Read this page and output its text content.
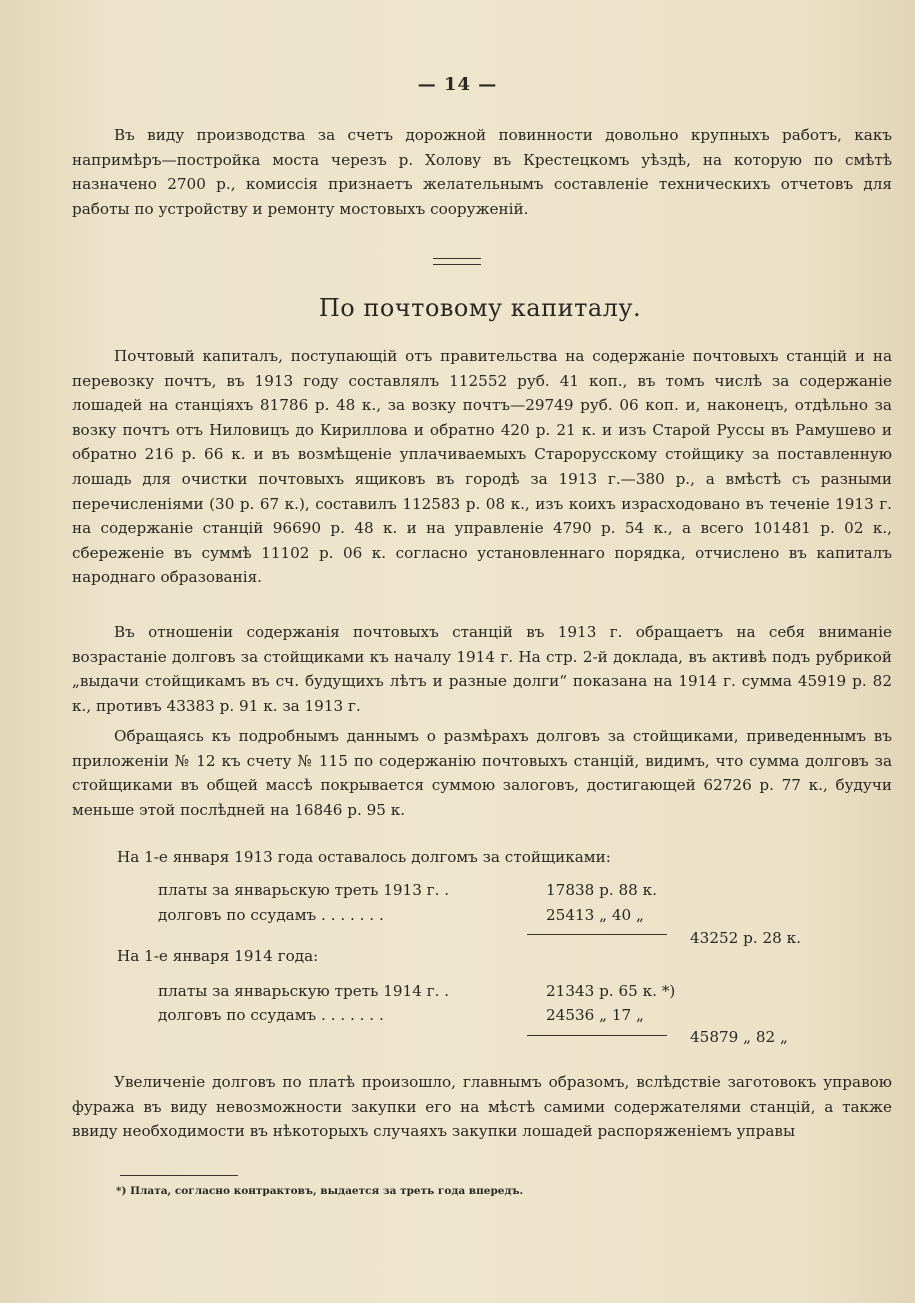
— 14 —

Въ виду производства за счетъ дорожной повинности довольно крупныхъ работъ, какъ напримѣръ—постройка моста черезъ р. Холову въ Крестецкомъ уѣздѣ, на которую по смѣтѣ назначено 2700 р., комиссія признаетъ желательнымъ составленіе техническихъ отчетовъ для работы по устройству и ремонту мостовыхъ сооруженій.

По почтовому капиталу.

Почтовый капиталъ, поступающій отъ правительства на содержаніе почтовыхъ станцій и на перевозку почтъ, въ 1913 году составлялъ 112552 руб. 41 коп., въ томъ числѣ за содержаніе лошадей на станціяхъ 81786 р. 48 к., за возку почтъ—29749 руб. 06 коп. и, наконецъ, отдѣльно за возку почтъ отъ Ниловицъ до Кириллова и обратно 420 р. 21 к. и изъ Старой Руссы въ Рамушево и обратно 216 р. 66 к. и въ возмѣщеніе уплачиваемыхъ Старорусскому стойщику за поставленную лошадь для очистки почтовыхъ ящиковъ въ городѣ за 1913 г.—380 р., а вмѣстѣ съ разными перечисленіями (30 р. 67 к.), составилъ 112583 р. 08 к., изъ коихъ израсходовано въ теченіе 1913 г. на содержаніе станцій 96690 р. 48 к. и на управленіе 4790 р. 54 к., а всего 101481 р. 02 к., сбереженіе въ суммѣ 11102 р. 06 к. согласно установленнаго порядка, отчислено въ капиталъ народнаго образованія.

Въ отношеніи содержанія почтовыхъ станцій въ 1913 г. обращаетъ на себя вниманіе возрастаніе долговъ за стойщиками къ началу 1914 г. На стр. 2-й доклада, въ активѣ подъ рубрикой „выдачи стойщикамъ въ сч. будущихъ лѣтъ и разные долги“ показана на 1914 г. сумма 45919 р. 82 к., противъ 43383 р. 91 к. за 1913 г.

Обращаясь къ подробнымъ даннымъ о размѣрахъ долговъ за стойщиками, приведеннымъ въ приложеніи № 12 къ счету № 115 по содержанію почтовыхъ станцій, видимъ, что сумма долговъ за стойщиками въ общей массѣ покрывается суммою залоговъ, достигающей 62726 р. 77 к., будучи меньше этой послѣдней на 16846 р. 95 к.

На 1-е января 1913 года оставалось долгомъ за стойщиками:
платы за январьскую треть 1913 г. .	17838 р. 88 к.
долговъ по ссудамъ . . . . . . .	25413 „ 40 „
43252 р. 28 к.
На 1-е января 1914 года:
платы за январьскую треть 1914 г. .	21343 р. 65 к. *)
долговъ по ссудамъ . . . . . . .	24536 „ 17 „
45879 „ 82 „

Увеличеніе долговъ по платѣ произошло, главнымъ образомъ, вслѣдствіе заготовокъ управою фуража въ виду невозможности закупки его на мѣстѣ самими содержателями станцій, а также ввиду необходимости въ нѣкоторыхъ случаяхъ закупки лошадей распоряженіемъ управы

*) Плата, согласно контрактовъ, выдается за треть года впередъ.
